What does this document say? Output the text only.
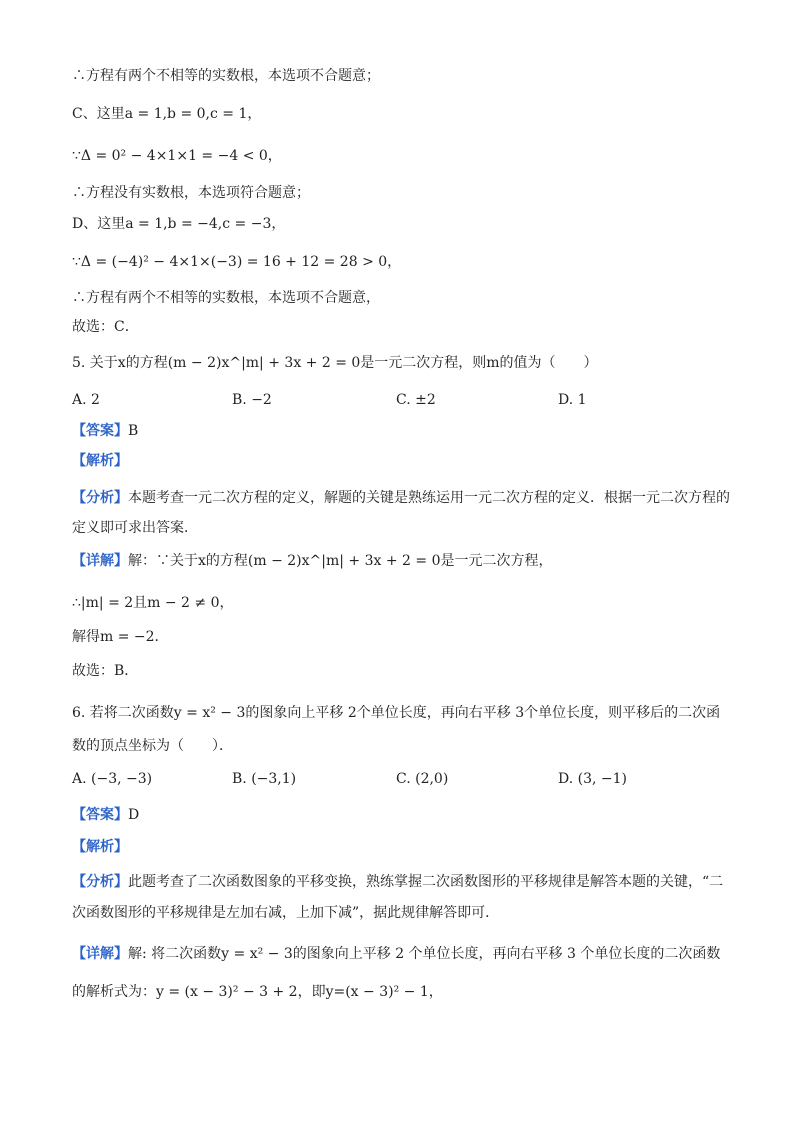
∴方程有两个不相等的实数根，本选项不合题意；
C、这里a = 1,b = 0,c = 1，
∵Δ = 0² − 4×1×1 = −4 < 0，
∴方程没有实数根，本选项符合题意；
D、这里a = 1,b = −4,c = −3，
∵Δ = (−4)² − 4×1×(−3) = 16 + 12 = 28 > 0，
∴方程有两个不相等的实数根，本选项不合题意，
故选：C．
5. 关于x的方程(m − 2)x^|m| + 3x + 2 = 0是一元二次方程，则m的值为（　　）
A. 2	B. −2	C. ±2	D. 1
【答案】B
【解析】
【分析】本题考查一元二次方程的定义，解题的关键是熟练运用一元二次方程的定义．根据一元二次方程的定义即可求出答案．
【详解】解：∵关于x的方程(m − 2)x^|m| + 3x + 2 = 0是一元二次方程，
∴|m| = 2且m − 2 ≠ 0，
解得m = −2．
故选：B．
6. 若将二次函数y = x² − 3的图象向上平移 2个单位长度，再向右平移 3个单位长度，则平移后的二次函数的顶点坐标为（　　）．
A. (−3, −3)	B. (−3,1)	C. (2,0)	D. (3, −1)
【答案】D
【解析】
【分析】此题考查了二次函数图象的平移变换，熟练掌握二次函数图形的平移规律是解答本题的关键，“二次函数图形的平移规律是左加右减，上加下减”，据此规律解答即可．
【详解】解: 将二次函数y = x² − 3的图象向上平移 2 个单位长度，再向右平移 3 个单位长度的二次函数的解析式为：y = (x − 3)² − 3 + 2，即y=(x − 3)² − 1，
